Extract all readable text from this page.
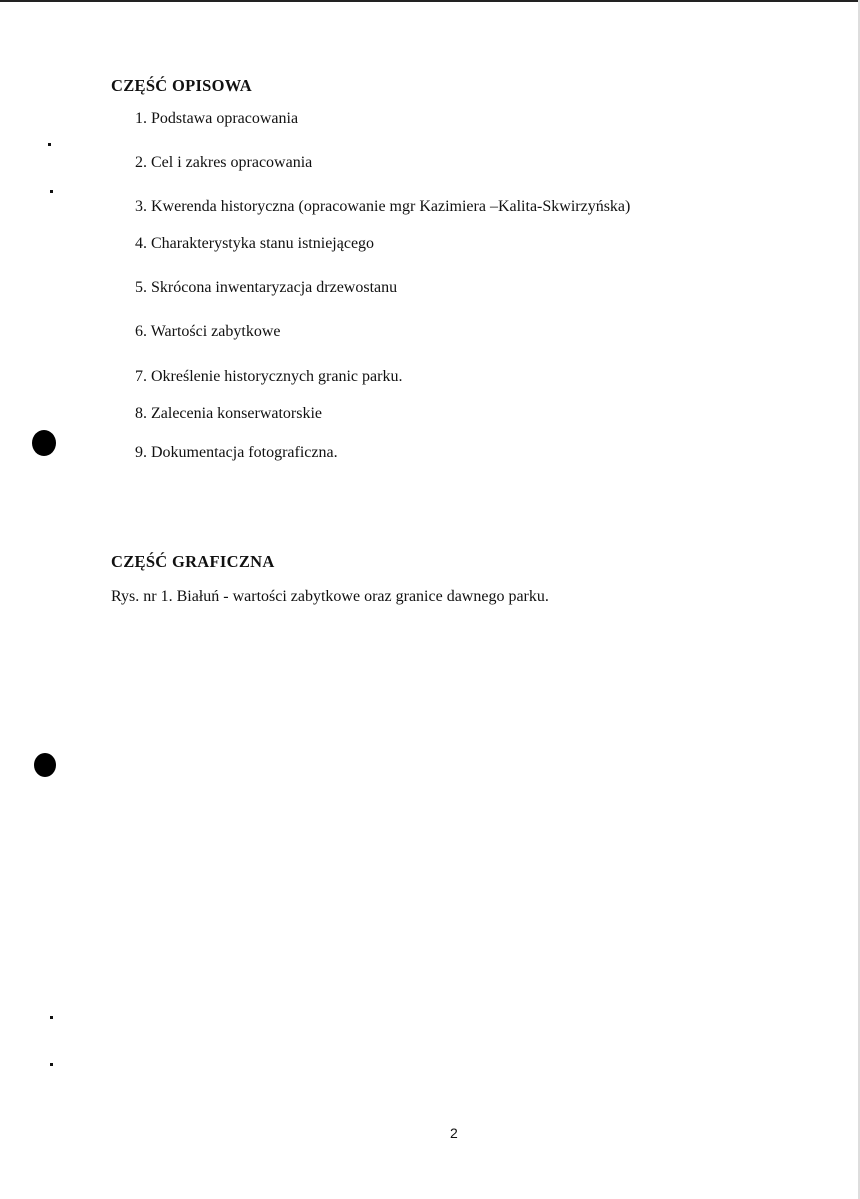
CZĘŚĆ OPISOWA
1. Podstawa opracowania
2. Cel i zakres opracowania
3. Kwerenda historyczna (opracowanie mgr Kazimiera –Kalita-Skwirzyńska)
4. Charakterystyka stanu istniejącego
5. Skrócona inwentaryzacja drzewostanu
6. Wartości zabytkowe
7. Określenie historycznych granic parku.
8. Zalecenia konserwatorskie
9. Dokumentacja fotograficzna.
CZĘŚĆ GRAFICZNA
Rys. nr 1. Białuń - wartości zabytkowe oraz granice dawnego parku.
2
